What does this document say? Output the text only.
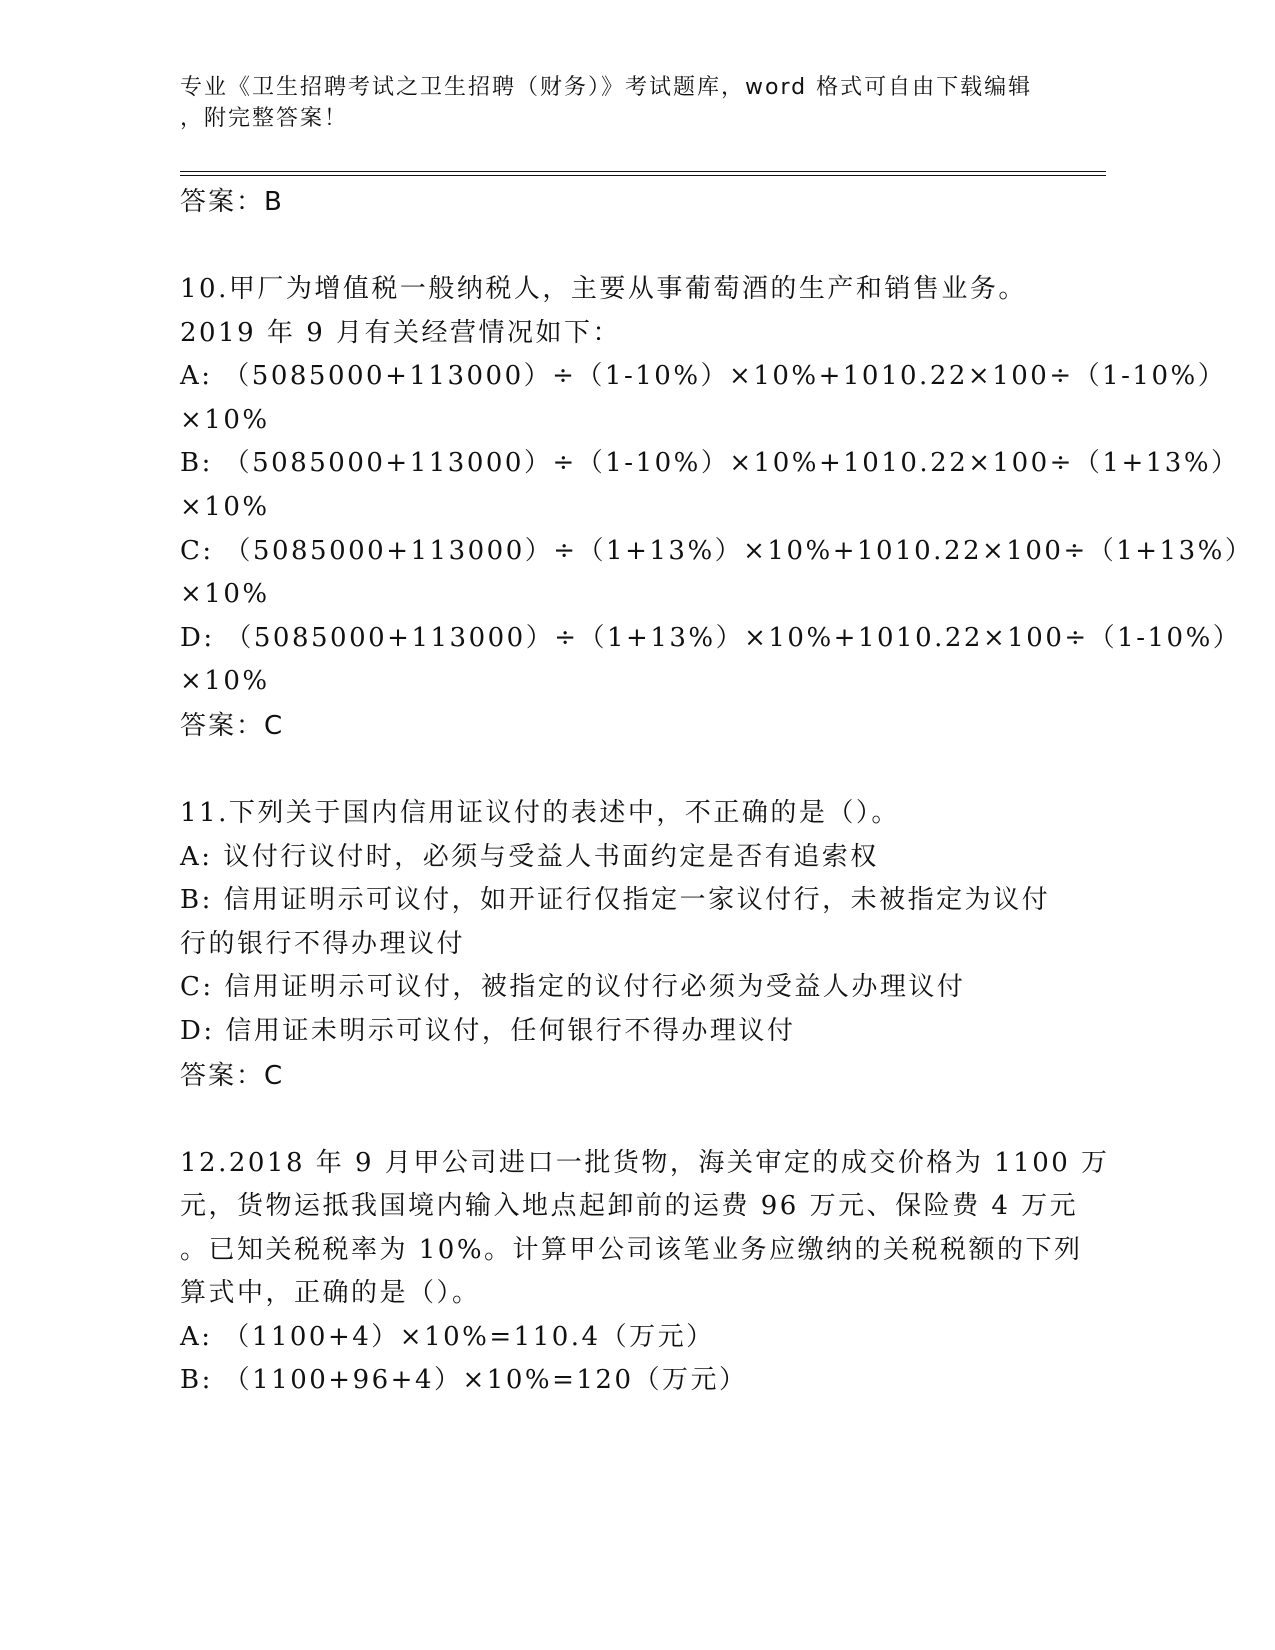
专业《卫生招聘考试之卫生招聘（财务）》考试题库，word 格式可自由下载编辑
，附完整答案！
答案：B
10.甲厂为增值税一般纳税人，主要从事葡萄酒的生产和销售业务。
2019 年 9 月有关经营情况如下：
A: （5085000+113000）÷（1-10%）×10%+1010.22×100÷（1-10%）
×10%
B: （5085000+113000）÷（1-10%）×10%+1010.22×100÷（1+13%）
×10%
C: （5085000+113000）÷（1+13%）×10%+1010.22×100÷（1+13%）
×10%
D: （5085000+113000）÷（1+13%）×10%+1010.22×100÷（1-10%）
×10%
答案：C
11.下列关于国内信用证议付的表述中，不正确的是（）。
A: 议付行议付时，必须与受益人书面约定是否有追索权
B: 信用证明示可议付，如开证行仅指定一家议付行，未被指定为议付
行的银行不得办理议付
C: 信用证明示可议付，被指定的议付行必须为受益人办理议付
D: 信用证未明示可议付，任何银行不得办理议付
答案：C
12.2018 年 9 月甲公司进口一批货物，海关审定的成交价格为 1100 万
元，货物运抵我国境内输入地点起卸前的运费 96 万元、保险费 4 万元
。已知关税税率为 10%。计算甲公司该笔业务应缴纳的关税税额的下列
算式中，正确的是（）。
A: （1100+4）×10%=110.4（万元）
B: （1100+96+4）×10%=120（万元）
